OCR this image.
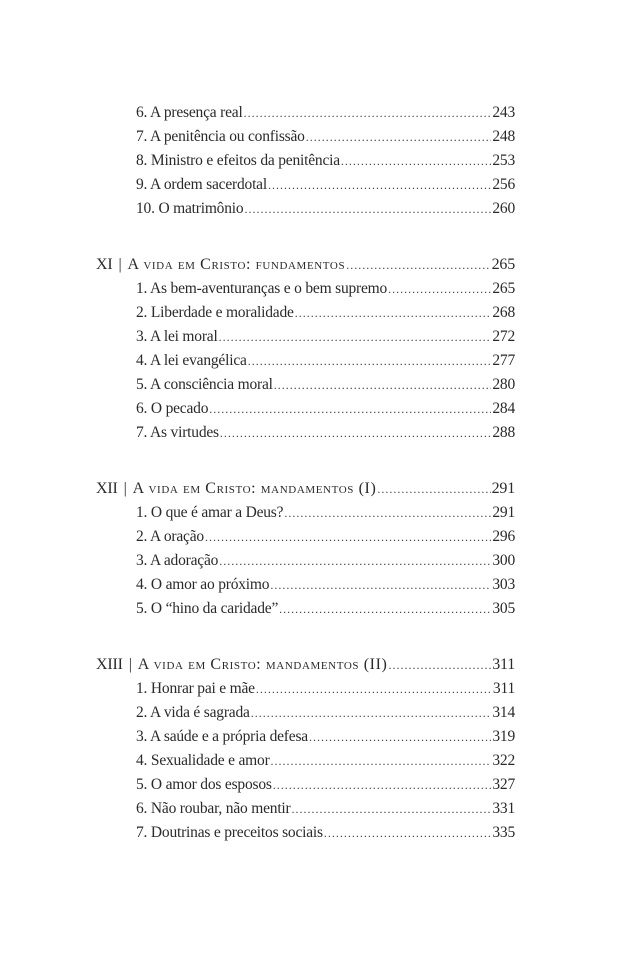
6. A presença real .....	243
7. A penitência ou confissão .....	248
8. Ministro e efeitos da penitência .....	253
9. A ordem sacerdotal .....	256
10. O matrimônio .....	260
XI | A vida em Cristo: fundamentos .....	265
1. As bem-aventuranças e o bem supremo .....	265
2. Liberdade e moralidade .....	268
3. A lei moral .....	272
4. A lei evangélica .....	277
5. A consciência moral .....	280
6. O pecado .....	284
7. As virtudes .....	288
XII | A vida em Cristo: mandamentos (I) .....	291
1. O que é amar a Deus? .....	291
2. A oração .....	296
3. A adoração .....	300
4. O amor ao próximo .....	303
5. O “hino da caridade” .....	305
XIII | A vida em Cristo: mandamentos (II) .....	311
1. Honrar pai e mãe .....	311
2. A vida é sagrada .....	314
3. A saúde e a própria defesa .....	319
4. Sexualidade e amor .....	322
5. O amor dos esposos .....	327
6. Não roubar, não mentir .....	331
7. Doutrinas e preceitos sociais .....	335
